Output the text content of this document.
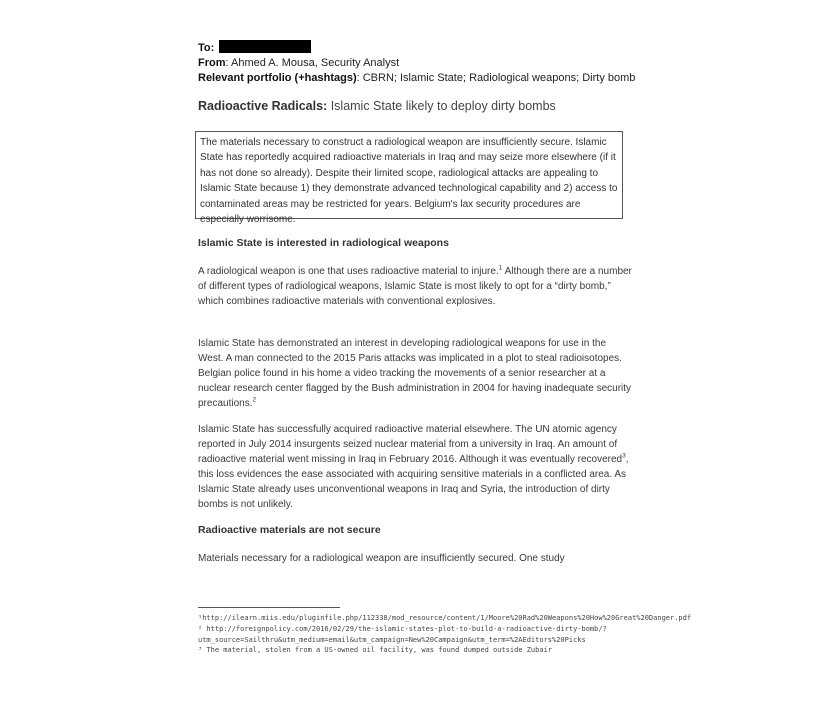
To:
From: Ahmed A. Mousa, Security Analyst
Relevant portfolio (+hashtags): CBRN; Islamic State; Radiological weapons; Dirty bomb
Radioactive Radicals: Islamic State likely to deploy dirty bombs
The materials necessary to construct a radiological weapon are insufficiently secure. Islamic State has reportedly acquired radioactive materials in Iraq and may seize more elsewhere (if it has not done so already). Despite their limited scope, radiological attacks are appealing to Islamic State because 1) they demonstrate advanced technological capability and 2) access to contaminated areas may be restricted for years. Belgium's lax security procedures are especially worrisome.
Islamic State is interested in radiological weapons
A radiological weapon is one that uses radioactive material to injure.$^1$ Although there are a number of different types of radiological weapons, Islamic State is most likely to opt for a “dirty bomb,” which combines radioactive materials with conventional explosives.
Islamic State has demonstrated an interest in developing radiological weapons for use in the West. A man connected to the 2015 Paris attacks was implicated in a plot to steal radioisotopes. Belgian police found in his home a video tracking the movements of a senior researcher at a nuclear research center flagged by the Bush administration in 2004 for having inadequate security precautions.$^2$
Islamic State has successfully acquired radioactive material elsewhere. The UN atomic agency reported in July 2014 insurgents seized nuclear material from a university in Iraq. An amount of radioactive material went missing in Iraq in February 2016. Although it was eventually recovered$^3$, this loss evidences the ease associated with acquiring sensitive materials in a conflicted area. As Islamic State already uses unconventional weapons in Iraq and Syria, the introduction of dirty bombs is not unlikely.
Radioactive materials are not secure
Materials necessary for a radiological weapon are insufficiently secured. One study

¹http://ilearn.miis.edu/pluginfile.php/112338/mod_resource/content/1/Moore%20Rad%20Weapons%20How%20Great%20Danger.pdf

² http://foreignpolicy.com/2016/02/29/the-islamic-states-plot-to-build-a-radioactive-dirty-bomb/?utm_source=Sailthru&utm_medium=email&utm_campaign=New%20Campaign&utm_term=%2AEditors%20Picks

³ The material, stolen from a US-owned oil facility, was found dumped outside Zubair
